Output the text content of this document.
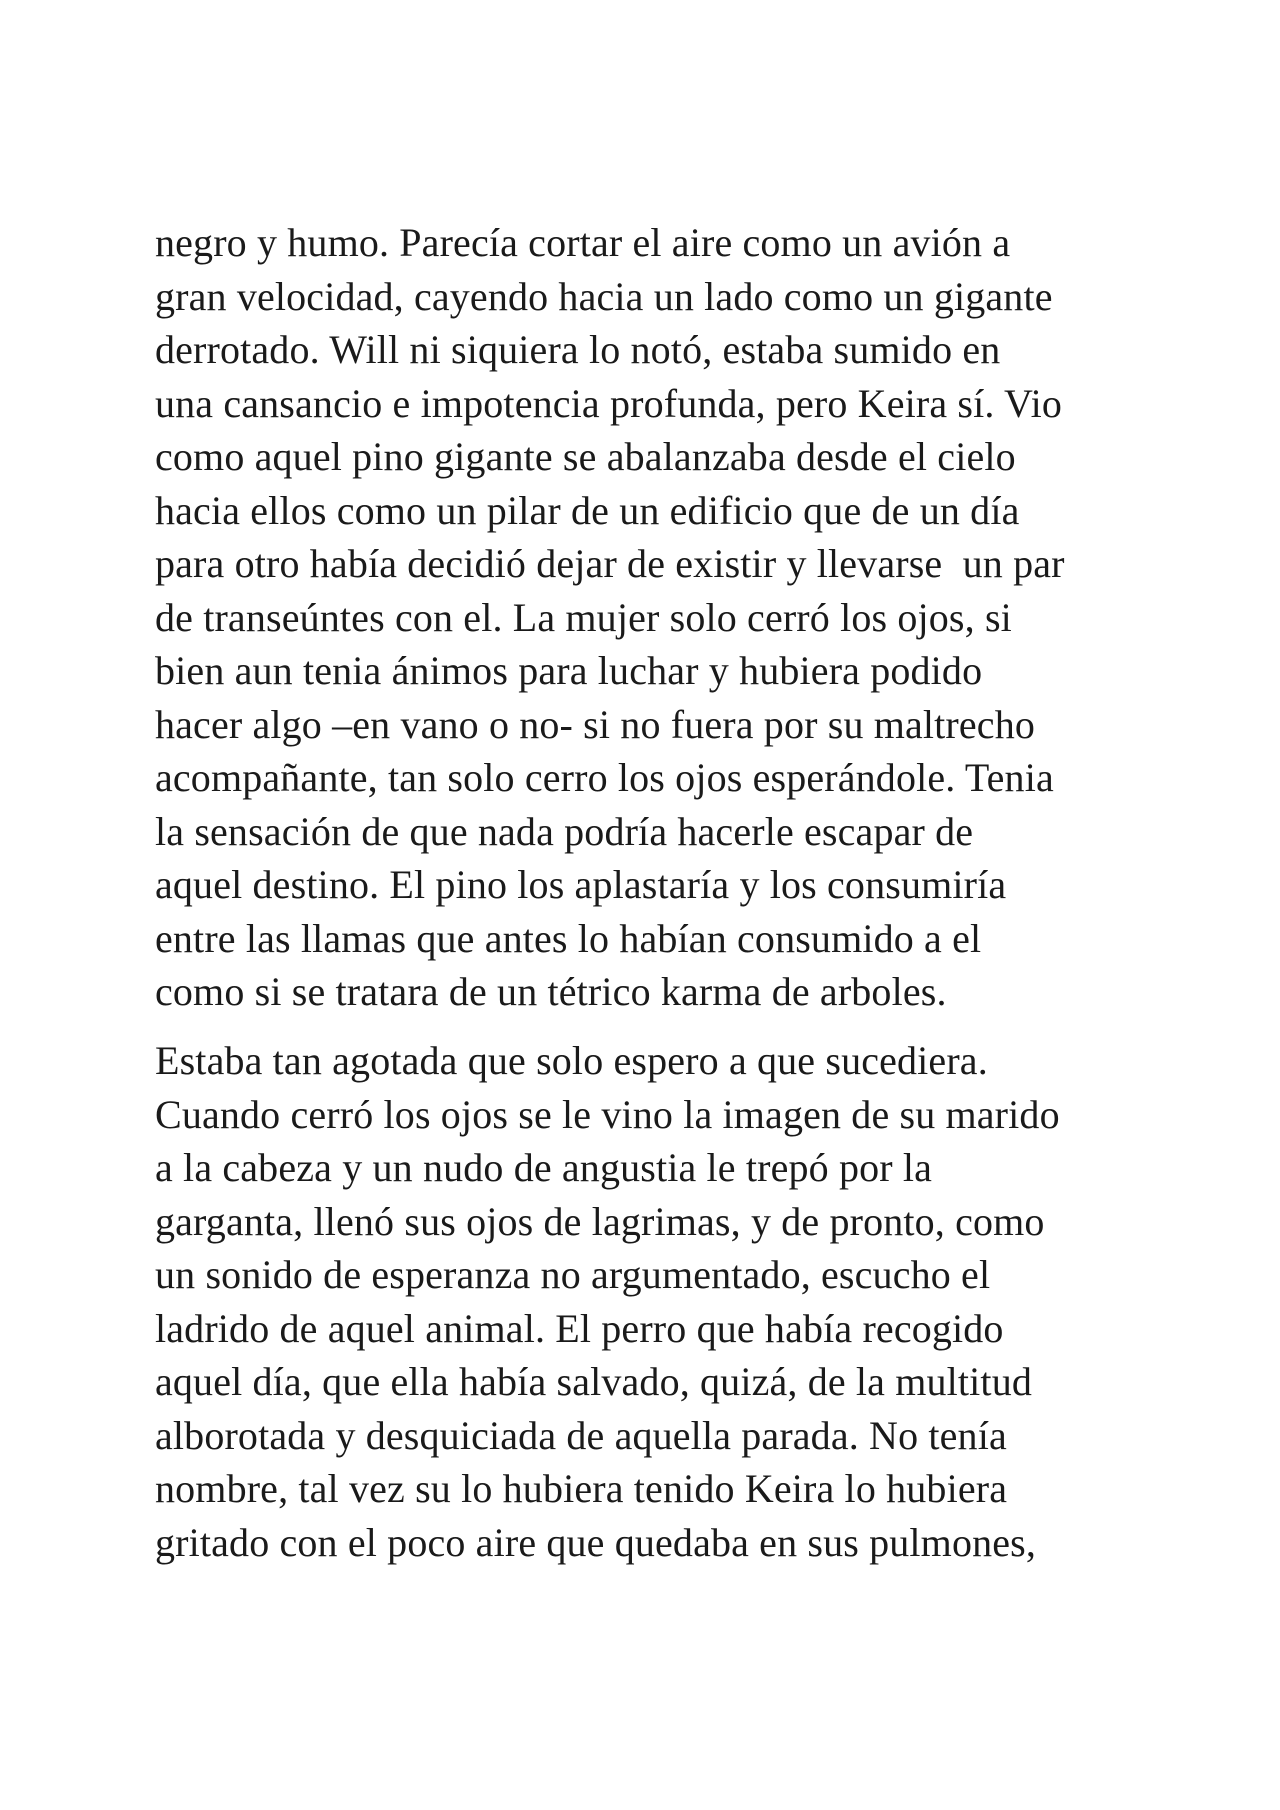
negro y humo. Parecía cortar el aire como un avión a
gran velocidad, cayendo hacia un lado como un gigante
derrotado. Will ni siquiera lo notó, estaba sumido en
una cansancio e impotencia profunda, pero Keira sí. Vio
como aquel pino gigante se abalanzaba desde el cielo
hacia ellos como un pilar de un edificio que de un día
para otro había decidió dejar de existir y llevarse  un par
de transeúntes con el. La mujer solo cerró los ojos, si
bien aun tenia ánimos para luchar y hubiera podido
hacer algo –en vano o no- si no fuera por su maltrecho
acompañante, tan solo cerro los ojos esperándole. Tenia
la sensación de que nada podría hacerle escapar de
aquel destino. El pino los aplastaría y los consumiría
entre las llamas que antes lo habían consumido a el
como si se tratara de un tétrico karma de arboles.
Estaba tan agotada que solo espero a que sucediera.
Cuando cerró los ojos se le vino la imagen de su marido
a la cabeza y un nudo de angustia le trepó por la
garganta, llenó sus ojos de lagrimas, y de pronto, como
un sonido de esperanza no argumentado, escucho el
ladrido de aquel animal. El perro que había recogido
aquel día, que ella había salvado, quizá, de la multitud
alborotada y desquiciada de aquella parada. No tenía
nombre, tal vez su lo hubiera tenido Keira lo hubiera
gritado con el poco aire que quedaba en sus pulmones,
